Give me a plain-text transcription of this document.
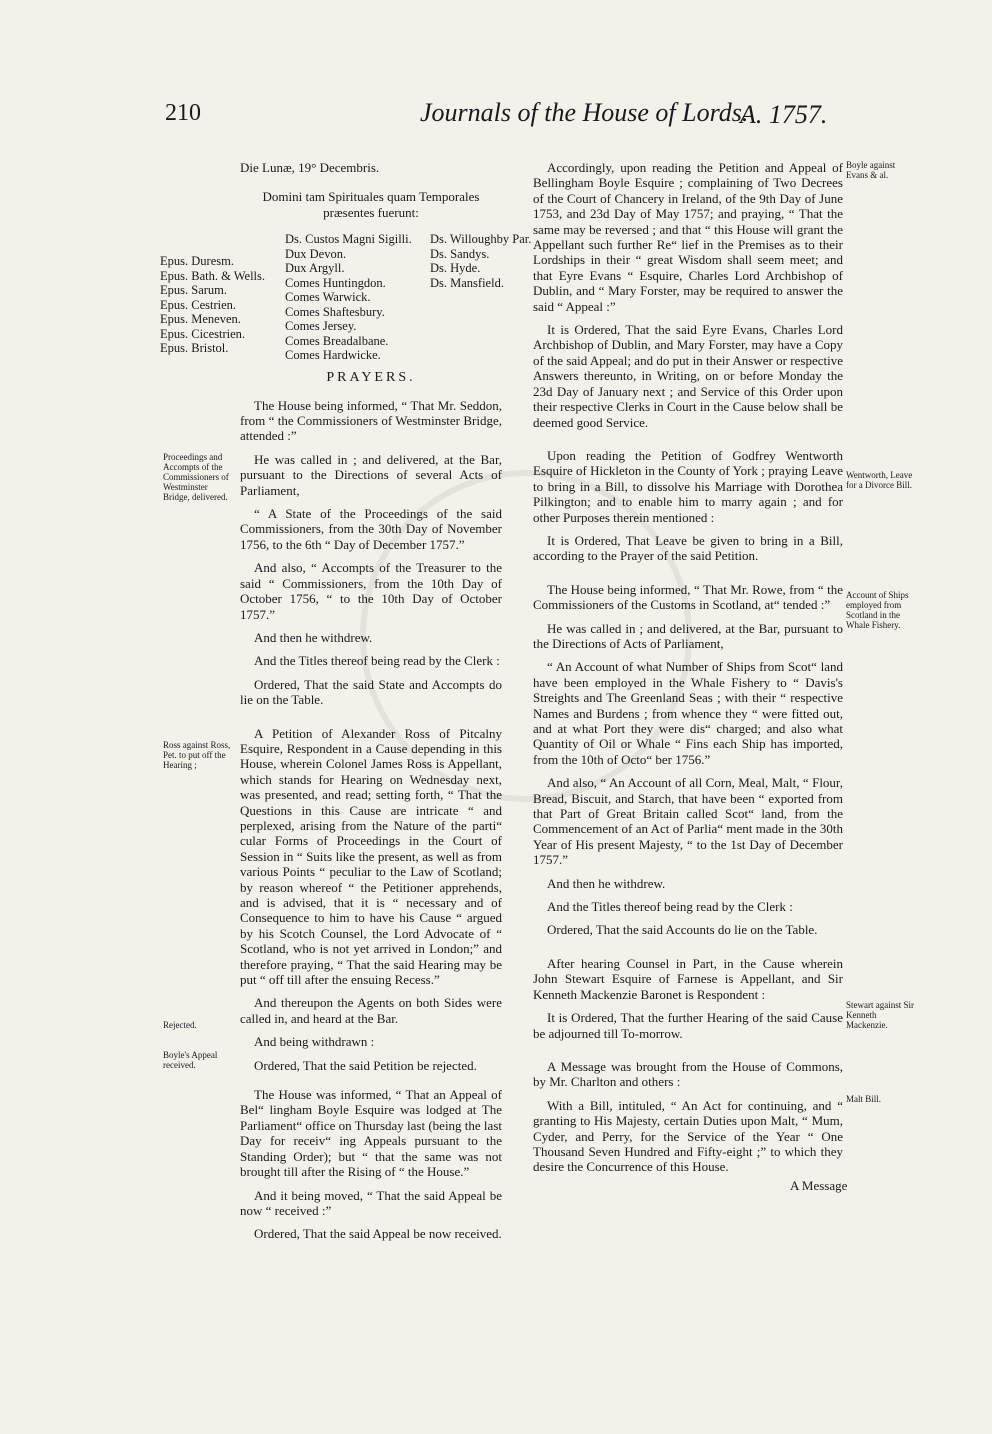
210	Journals of the House of Lords.
A. 1757.

Die Lunæ, 19° Decembris.

Domini tam Spirituales quam Temporales præsentes fuerunt:

PRAYERS.

The House being informed, “ That Mr. Seddon, from “ the Commissioners of Westminster Bridge, attended :”

He was called in ; and delivered, at the Bar, pursuant to the Directions of several Acts of Parliament,

“ A State of the Proceedings of the said Commissioners, from the 30th Day of November 1756, to the 6th “ Day of December 1757.”

And also, “ Accompts of the Treasurer to the said “ Commissioners, from the 10th Day of October 1756, “ to the 10th Day of October 1757.”

And then he withdrew.

And the Titles thereof being read by the Clerk :

Ordered, That the said State and Accompts do lie on the Table.

A Petition of Alexander Ross of Pitcalny Esquire, Respondent in a Cause depending in this House, wherein Colonel James Ross is Appellant, which stands for Hearing on Wednesday next, was presented, and read; setting forth, “ That the Questions in this Cause are intricate “ and perplexed, arising from the Nature of the parti“ cular Forms of Proceedings in the Court of Session in “ Suits like the present, as well as from various Points “ peculiar to the Law of Scotland; by reason whereof “ the Petitioner apprehends, and is advised, that it is “ necessary and of Consequence to him to have his Cause “ argued by his Scotch Counsel, the Lord Advocate of “ Scotland, who is not yet arrived in London;” and therefore praying, “ That the said Hearing may be put “ off till after the ensuing Recess.”

And thereupon the Agents on both Sides were called in, and heard at the Bar.

And being withdrawn :

Ordered, That the said Petition be rejected.

The House was informed, “ That an Appeal of Bel“ lingham Boyle Esquire was lodged at The Parliament“ office on Thursday last (being the last Day for receiv“ ing Appeals pursuant to the Standing Order); but “ that the same was not brought till after the Rising of “ the House.”

And it being moved, “ That the said Appeal be now “ received :”

Ordered, That the said Appeal be now received.

Epus. Duresm.
Epus. Bath. & Wells.
Epus. Sarum.
Epus. Cestrien.
Epus. Meneven.
Epus. Cicestrien.
Epus. Bristol.
Ds. Custos Magni Sigilli.
Dux Devon.
Dux Argyll.
Comes Huntingdon.
Comes Warwick.
Comes Shaftesbury.
Comes Jersey.
Comes Breadalbane.
Comes Hardwicke.
Ds. Willoughby Par.
Ds. Sandys.
Ds. Hyde.
Ds. Mansfield.

Accordingly, upon reading the Petition and Appeal of Bellingham Boyle Esquire ; complaining of Two Decrees of the Court of Chancery in Ireland, of the 9th Day of June 1753, and 23d Day of May 1757; and praying, “ That the same may be reversed ; and that “ this House will grant the Appellant such further Re“ lief in the Premises as to their Lordships in their “ great Wisdom shall seem meet; and that Eyre Evans “ Esquire, Charles Lord Archbishop of Dublin, and “ Mary Forster, may be required to answer the said “ Appeal :”

It is Ordered, That the said Eyre Evans, Charles Lord Archbishop of Dublin, and Mary Forster, may have a Copy of the said Appeal; and do put in their Answer or respective Answers thereunto, in Writing, on or before Monday the 23d Day of January next ; and Service of this Order upon their respective Clerks in Court in the Cause below shall be deemed good Service.

Upon reading the Petition of Godfrey Wentworth Esquire of Hickleton in the County of York ; praying Leave to bring in a Bill, to dissolve his Marriage with Dorothea Pilkington; and to enable him to marry again ; and for other Purposes therein mentioned :

It is Ordered, That Leave be given to bring in a Bill, according to the Prayer of the said Petition.

The House being informed, “ That Mr. Rowe, from “ the Commissioners of the Customs in Scotland, at“ tended :”

He was called in ; and delivered, at the Bar, pursuant to the Directions of Acts of Parliament,

“ An Account of what Number of Ships from Scot“ land have been employed in the Whale Fishery to “ Davis's Streights and The Greenland Seas ; with their “ respective Names and Burdens ; from whence they “ were fitted out, and at what Port they were dis“ charged; and also what Quantity of Oil or Whale “ Fins each Ship has imported, from the 10th of Octo“ ber 1756.”

And also, “ An Account of all Corn, Meal, Malt, “ Flour, Bread, Biscuit, and Starch, that have been “ exported from that Part of Great Britain called Scot“ land, from the Commencement of an Act of Parlia“ ment made in the 30th Year of His present Majesty, “ to the 1st Day of December 1757.”

And then he withdrew.

And the Titles thereof being read by the Clerk :

Ordered, That the said Accounts do lie on the Table.

After hearing Counsel in Part, in the Cause wherein John Stewart Esquire of Farnese is Appellant, and Sir Kenneth Mackenzie Baronet is Respondent :

It is Ordered, That the further Hearing of the said Cause be adjourned till To-morrow.

A Message was brought from the House of Commons, by Mr. Charlton and others :

With a Bill, intituled, “ An Act for continuing, and “ granting to His Majesty, certain Duties upon Malt, “ Mum, Cyder, and Perry, for the Service of the Year “ One Thousand Seven Hundred and Fifty-eight ;” to which they desire the Concurrence of this House.

A Message
Proceedings and Accompts of the Commissioners of Westminster Bridge, delivered.
Ross against Ross, Pet. to put off the Hearing ;
Rejected.
Boyle's Appeal received.
Boyle against Evans & al.
Wentworth, Leave for a Divorce Bill.
Account of Ships employed from Scotland in the Whale Fishery.
Stewart against Sir Kenneth Mackenzie.
Malt Bill.
